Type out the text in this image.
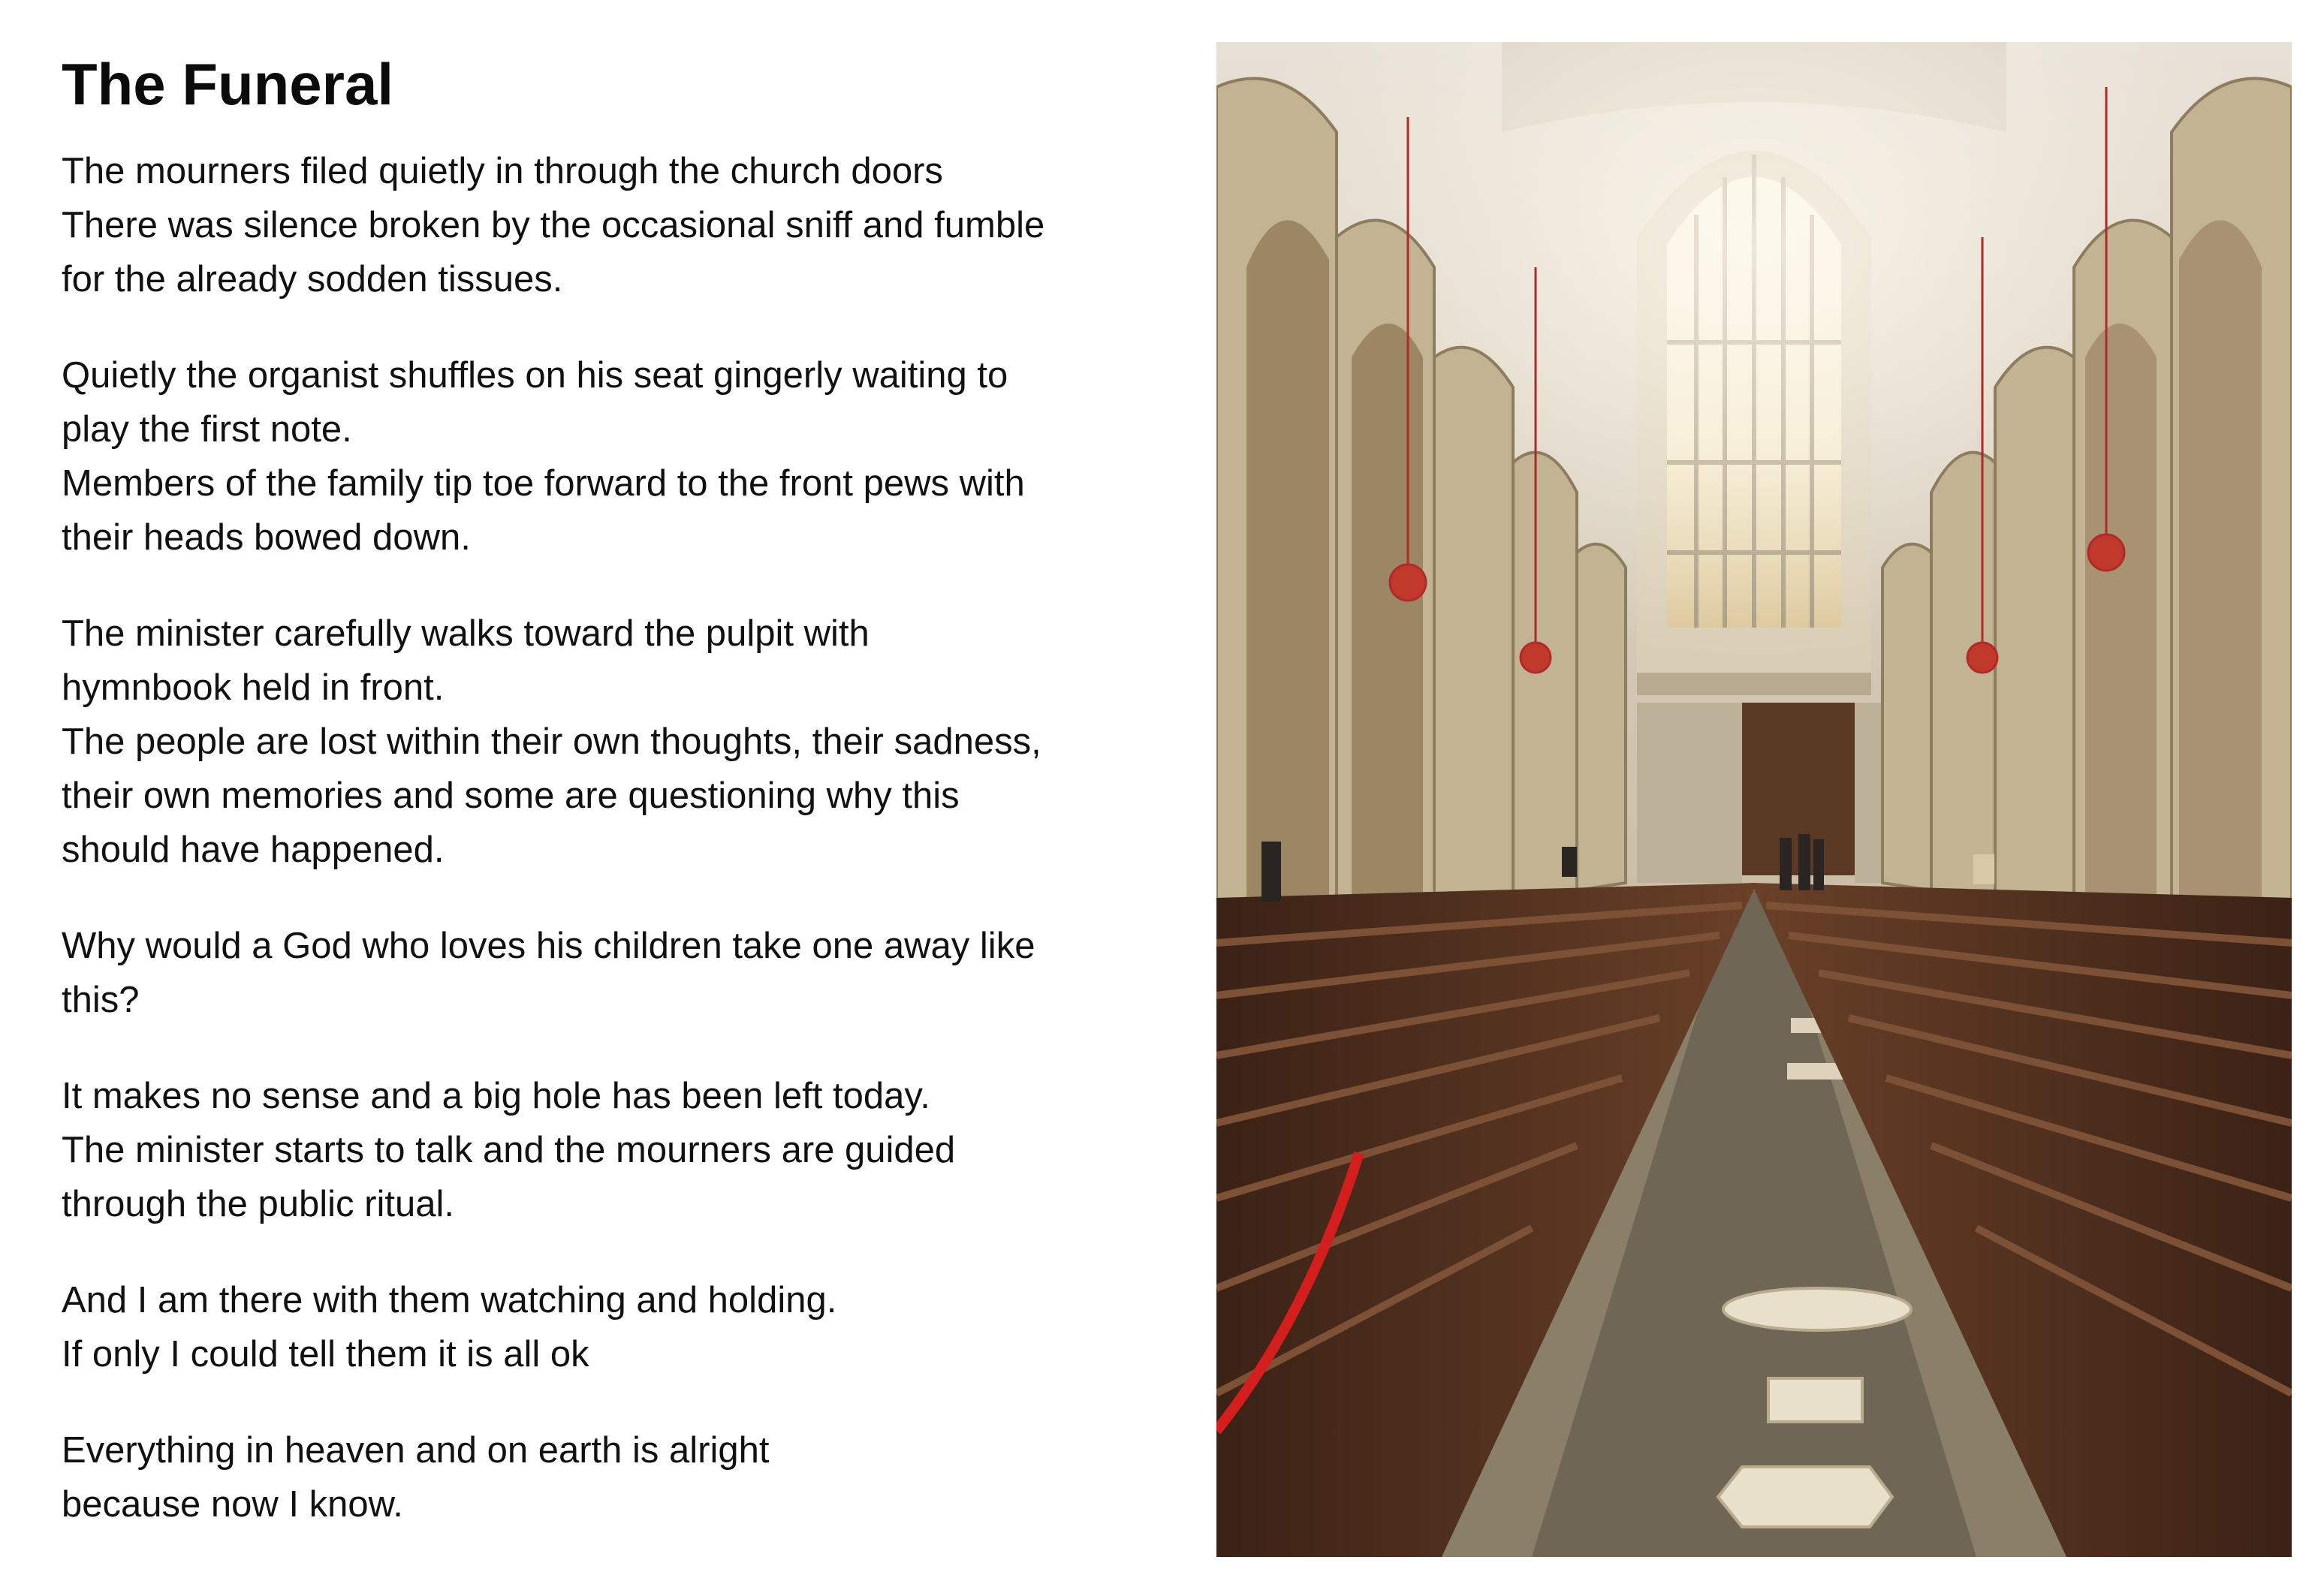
The Funeral
The mourners filed quietly in through the church doors
There was silence broken by the occasional sniff and fumble
for the already sodden tissues.
Quietly the organist shuffles on his seat gingerly waiting to
play the first note.
Members of the family tip toe forward to the front pews with
their heads bowed down.
The minister carefully walks toward the pulpit with
hymnbook held in front.
The people are lost within their own thoughts, their sadness,
their own memories and some are questioning why this
should have happened.
Why would a God who loves his children take one away like
this?
It makes no sense and a big hole has been left today.
The minister starts to talk and the mourners are guided
through the public ritual.
And I am there with them watching and holding.
If only I could tell them it is all ok
Everything in heaven and on earth is alright
because now I know.
